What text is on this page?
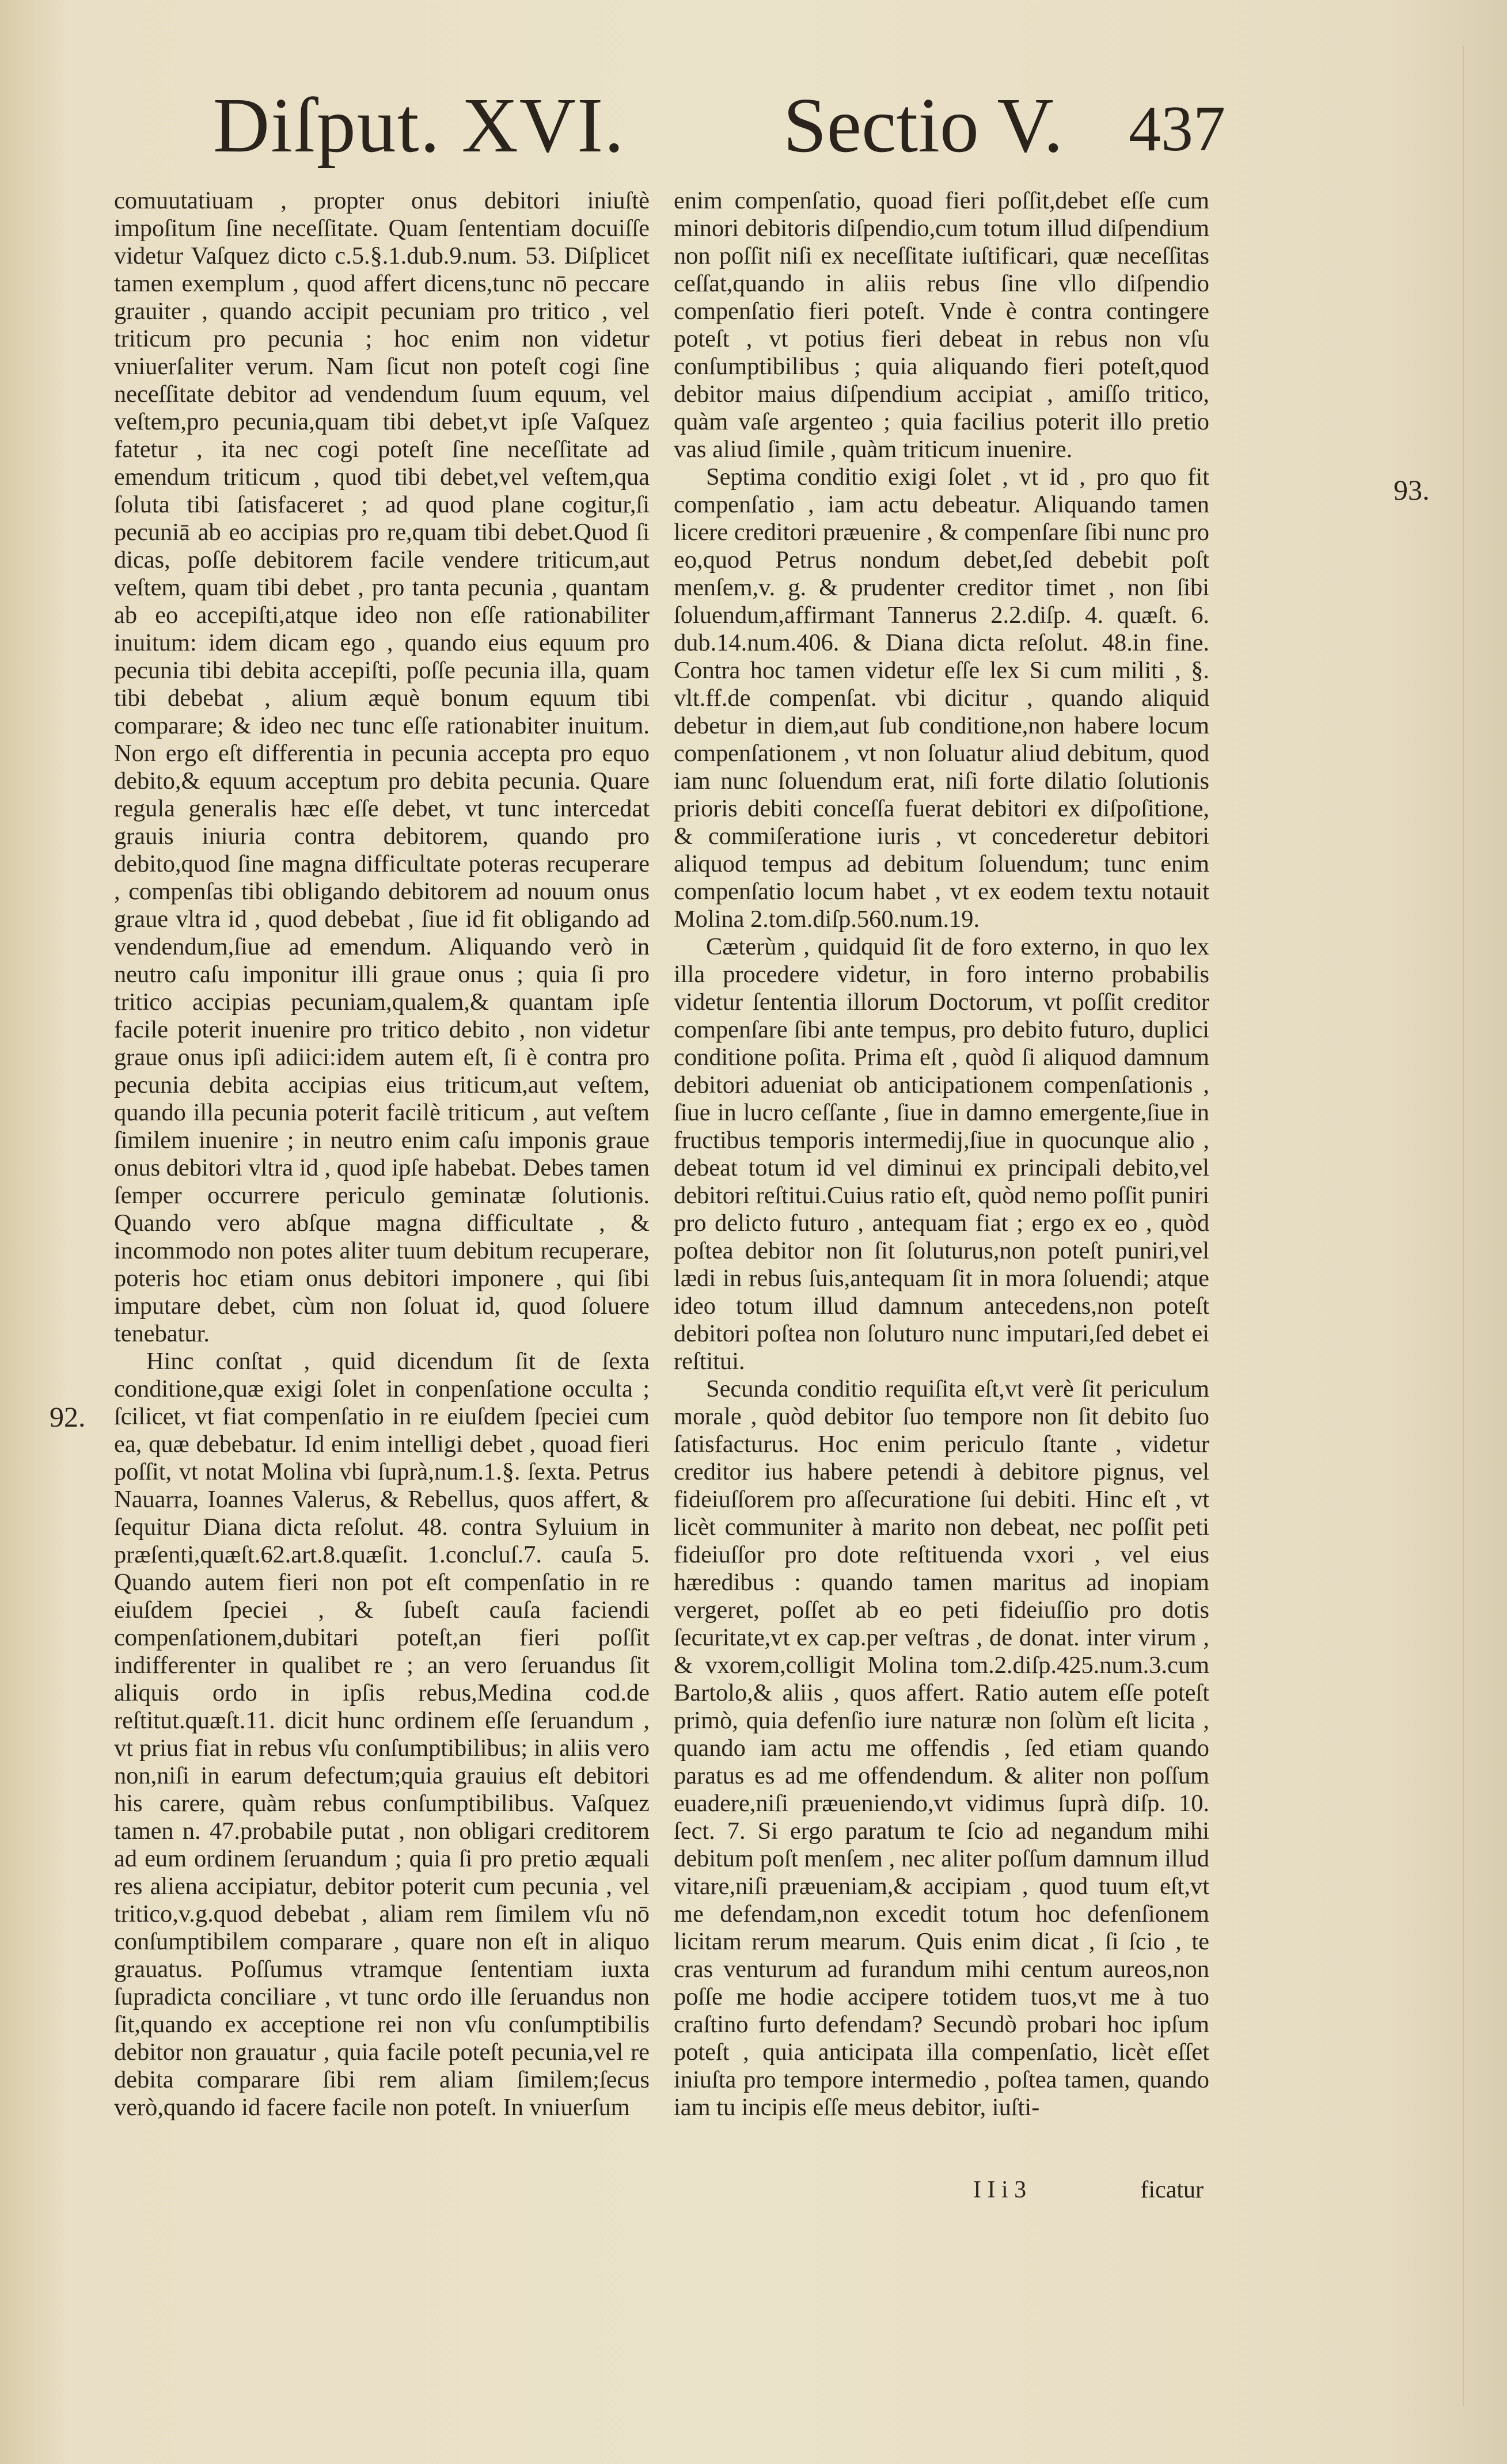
Diſput. XVI. Sectio V. 437
92.
93.

comuutatiuam , propter onus debitori iniuſtè impoſitum ſine neceſſitate. Quam ſententiam docuiſſe videtur Vaſquez dicto c.5.§.1.dub.9.num. 53. Diſplicet tamen exemplum , quod affert dicens,tunc nō peccare grauiter , quando accipit pecuniam pro tritico , vel triticum pro pecunia ; hoc enim non videtur vniuerſaliter verum. Nam ſicut non poteſt cogi ſine neceſſitate debitor ad vendendum ſuum equum, vel veſtem,pro pecunia,quam tibi debet,vt ipſe Vaſquez fatetur , ita nec cogi poteſt ſine neceſſitate ad emendum triticum , quod tibi debet,vel veſtem,qua ſoluta tibi ſatisfaceret ; ad quod plane cogitur,ſi pecuniā ab eo accipias pro re,quam tibi debet.Quod ſi dicas, poſſe debitorem facile vendere triticum,aut veſtem, quam tibi debet , pro tanta pecunia , quantam ab eo accepiſti,atque ideo non eſſe rationabiliter inuitum: idem dicam ego , quando eius equum pro pecunia tibi debita accepiſti, poſſe pecunia illa, quam tibi debebat , alium æquè bonum equum tibi comparare; & ideo nec tunc eſſe rationabiter inuitum. Non ergo eſt differentia in pecunia accepta pro equo debito,& equum acceptum pro debita pecunia. Quare regula generalis hæc eſſe debet, vt tunc intercedat grauis iniuria contra debitorem, quando pro debito,quod ſine magna difficultate poteras recuperare , compenſas tibi obligando debitorem ad nouum onus graue vltra id , quod debebat , ſiue id fit obligando ad vendendum,ſiue ad emendum. Aliquando verò in neutro caſu imponitur illi graue onus ; quia ſi pro tritico accipias pecuniam,qualem,& quantam ipſe facile poterit inuenire pro tritico debito , non videtur graue onus ipſi adiici:idem autem eſt, ſi è contra pro pecunia debita accipias eius triticum,aut veſtem, quando illa pecunia poterit facilè triticum , aut veſtem ſimilem inuenire ; in neutro enim caſu imponis graue onus debitori vltra id , quod ipſe habebat. Debes tamen ſemper occurrere periculo geminatæ ſolutionis. Quando vero abſque magna difficultate , & incommodo non potes aliter tuum debitum recuperare, poteris hoc etiam onus debitori imponere , qui ſibi imputare debet, cùm non ſoluat id, quod ſoluere tenebatur.

Hinc conſtat , quid dicendum ſit de ſexta conditione,quæ exigi ſolet in conpenſatione occulta ; ſcilicet, vt fiat compenſatio in re eiuſdem ſpeciei cum ea, quæ debebatur. Id enim intelligi debet , quoad fieri poſſit, vt notat Molina vbi ſuprà,num.1.§. ſexta. Petrus Nauarra, Ioannes Valerus, & Rebellus, quos affert, & ſequitur Diana dicta reſolut. 48. contra Syluium in præſenti,quæſt.62.art.8.quæſit. 1.concluſ.7. cauſa 5. Quando autem fieri non pot eſt compenſatio in re eiuſdem ſpeciei , & ſubeſt cauſa faciendi compenſationem,dubitari poteſt,an fieri poſſit indifferenter in qualibet re ; an vero ſeruandus ſit aliquis ordo in ipſis rebus,Medina cod.de reſtitut.quæſt.11. dicit hunc ordinem eſſe ſeruandum , vt prius fiat in rebus vſu conſumptibilibus; in aliis vero non,niſi in earum defectum;quia grauius eſt debitori his carere, quàm rebus conſumptibilibus. Vaſquez tamen n. 47.probabile putat , non obligari creditorem ad eum ordinem ſeruandum ; quia ſi pro pretio æquali res aliena accipiatur, debitor poterit cum pecunia , vel tritico,v.g.quod debebat , aliam rem ſimilem vſu nō conſumptibilem comparare , quare non eſt in aliquo grauatus. Poſſumus vtramque ſententiam iuxta ſupradicta conciliare , vt tunc ordo ille ſeruandus non ſit,quando ex acceptione rei non vſu conſumptibilis debitor non grauatur , quia facile poteſt pecunia,vel re debita comparare ſibi rem aliam ſimilem;ſecus verò,quando id facere facile non poteſt. In vniuerſum

enim compenſatio, quoad fieri poſſit,debet eſſe cum minori debitoris diſpendio,cum totum illud diſpendium non poſſit niſi ex neceſſitate iuſtificari, quæ neceſſitas ceſſat,quando in aliis rebus ſine vllo diſpendio compenſatio fieri poteſt. Vnde è contra contingere poteſt , vt potius fieri debeat in rebus non vſu conſumptibilibus ; quia aliquando fieri poteſt,quod debitor maius diſpendium accipiat , amiſſo tritico, quàm vaſe argenteo ; quia facilius poterit illo pretio vas aliud ſimile , quàm triticum inuenire.

Septima conditio exigi ſolet , vt id , pro quo fit compenſatio , iam actu debeatur. Aliquando tamen licere creditori præuenire , & compenſare ſibi nunc pro eo,quod Petrus nondum debet,ſed debebit poſt menſem,v. g. & prudenter creditor timet , non ſibi ſoluendum,affirmant Tannerus 2.2.diſp. 4. quæſt. 6. dub.14.num.406. & Diana dicta reſolut. 48.in fine. Contra hoc tamen videtur eſſe lex Si cum militi , §. vlt.ff.de compenſat. vbi dicitur , quando aliquid debetur in diem,aut ſub conditione,non habere locum compenſationem , vt non ſoluatur aliud debitum, quod iam nunc ſoluendum erat, niſi forte dilatio ſolutionis prioris debiti conceſſa fuerat debitori ex diſpoſitione, & commiſeratione iuris , vt concederetur debitori aliquod tempus ad debitum ſoluendum; tunc enim compenſatio locum habet , vt ex eodem textu notauit Molina 2.tom.diſp.560.num.19.

Cæterùm , quidquid ſit de foro externo, in quo lex illa procedere videtur, in foro interno probabilis videtur ſententia illorum Doctorum, vt poſſit creditor compenſare ſibi ante tempus, pro debito futuro, duplici conditione poſita. Prima eſt , quòd ſi aliquod damnum debitori adueniat ob anticipationem compenſationis , ſiue in lucro ceſſante , ſiue in damno emergente,ſiue in fructibus temporis intermedij,ſiue in quocunque alio , debeat totum id vel diminui ex principali debito,vel debitori reſtitui.Cuius ratio eſt, quòd nemo poſſit puniri pro delicto futuro , antequam fiat ; ergo ex eo , quòd poſtea debitor non ſit ſoluturus,non poteſt puniri,vel lædi in rebus ſuis,antequam ſit in mora ſoluendi; atque ideo totum illud damnum antecedens,non poteſt debitori poſtea non ſoluturo nunc imputari,ſed debet ei reſtitui.

Secunda conditio requiſita eſt,vt verè ſit periculum morale , quòd debitor ſuo tempore non ſit debito ſuo ſatisfacturus. Hoc enim periculo ſtante , videtur creditor ius habere petendi à debitore pignus, vel fideiuſſorem pro aſſecuratione ſui debiti. Hinc eſt , vt licèt communiter à marito non debeat, nec poſſit peti fideiuſſor pro dote reſtituenda vxori , vel eius hæredibus : quando tamen maritus ad inopiam vergeret, poſſet ab eo peti fideiuſſio pro dotis ſecuritate,vt ex cap.per veſtras , de donat. inter virum , & vxorem,colligit Molina tom.2.diſp.425.num.3.cum Bartolo,& aliis , quos affert. Ratio autem eſſe poteſt primò, quia defenſio iure naturæ non ſolùm eſt licita , quando iam actu me offendis , ſed etiam quando paratus es ad me offendendum. & aliter non poſſum euadere,niſi præueniendo,vt vidimus ſuprà diſp. 10. ſect. 7. Si ergo paratum te ſcio ad negandum mihi debitum poſt menſem , nec aliter poſſum damnum illud vitare,niſi præueniam,& accipiam , quod tuum eſt,vt me defendam,non excedit totum hoc defenſionem licitam rerum mearum. Quis enim dicat , ſi ſcio , te cras venturum ad furandum mihi centum aureos,non poſſe me hodie accipere totidem tuos,vt me à tuo craſtino furto defendam? Secundò probari hoc ipſum poteſt , quia anticipata illa compenſatio, licèt eſſet iniuſta pro tempore intermedio , poſtea tamen, quando iam tu incipis eſſe meus debitor, iuſti-

I I i 3	ficatur
